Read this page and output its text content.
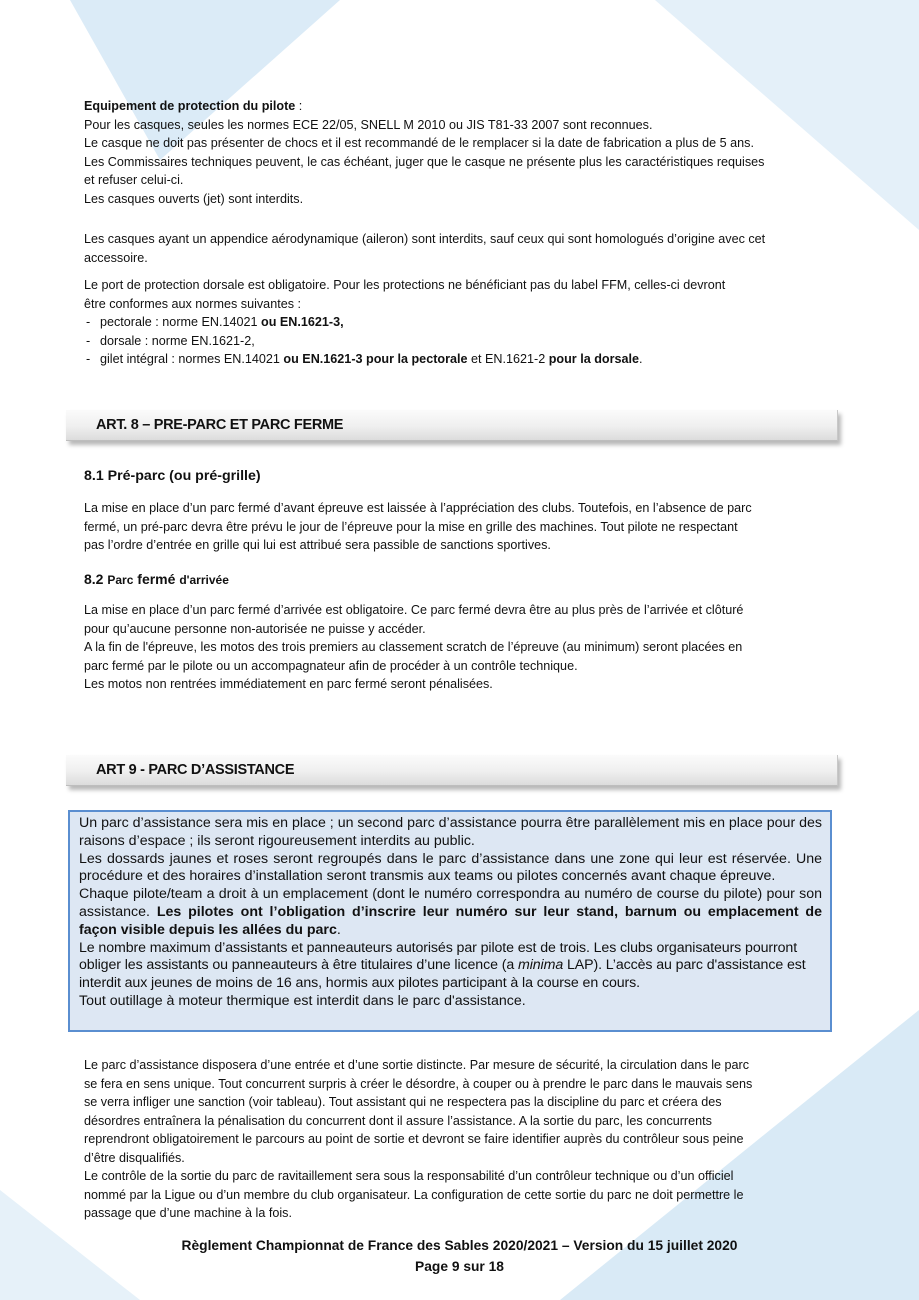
Equipement de protection du pilote :
Pour les casques, seules les normes ECE 22/05, SNELL M 2010 ou JIS T81-33 2007 sont reconnues.
Le casque ne doit pas présenter de chocs et il est recommandé de le remplacer si la date de fabrication a plus de 5 ans.
Les Commissaires techniques peuvent, le cas échéant, juger que le casque ne présente plus les caractéristiques requises
et refuser celui-ci.
Les casques ouverts (jet) sont interdits.
Les casques ayant un appendice aérodynamique (aileron) sont interdits, sauf ceux qui sont homologués d’origine avec cet
accessoire.
Le port de protection dorsale est obligatoire. Pour les protections ne bénéficiant pas du label FFM, celles-ci devront
être conformes aux normes suivantes :
- pectorale : norme EN.14021 ou EN.1621-3,
- dorsale : norme EN.1621-2,
- gilet intégral : normes EN.14021 ou EN.1621-3 pour la pectorale et EN.1621-2 pour la dorsale.
ART. 8 – PRE-PARC ET PARC FERME
8.1 Pré-parc (ou pré-grille)
La mise en place d’un parc fermé d’avant épreuve est laissée à l’appréciation des clubs. Toutefois, en l’absence de parc
fermé, un pré-parc devra être prévu le jour de l’épreuve pour la mise en grille des machines. Tout pilote ne respectant
pas l’ordre d’entrée en grille qui lui est attribué sera passible de sanctions sportives.
8.2 Parc fermé d'arrivée
La mise en place d’un parc fermé d’arrivée est obligatoire. Ce parc fermé devra être au plus près de l’arrivée et clôturé
pour qu’aucune personne non-autorisée ne puisse y accéder.
A la fin de l'épreuve, les motos des trois premiers au classement scratch de l’épreuve (au minimum) seront placées en
parc fermé par le pilote ou un accompagnateur afin de procéder à un contrôle technique.
Les motos non rentrées immédiatement en parc fermé seront pénalisées.
ART 9 - PARC D’ASSISTANCE

Un parc d’assistance sera mis en place ; un second parc d’assistance pourra être parallèlement mis en place pour des raisons d’espace ; ils seront rigoureusement interdits au public.

Les dossards jaunes et roses seront regroupés dans le parc d’assistance dans une zone qui leur est réservée. Une procédure et des horaires d’installation seront transmis aux teams ou pilotes concernés avant chaque épreuve.

Chaque pilote/team a droit à un emplacement (dont le numéro correspondra au numéro de course du pilote) pour son assistance. Les pilotes ont l’obligation d’inscrire leur numéro sur leur stand, barnum ou emplacement de façon visible depuis les allées du parc.

Le nombre maximum d’assistants et panneauteurs autorisés par pilote est de trois. Les clubs organisateurs pourront obliger les assistants ou panneauteurs à être titulaires d’une licence (a minima LAP). L’accès au parc d'assistance est interdit aux jeunes de moins de 16 ans, hormis aux pilotes participant à la course en cours.

Tout outillage à moteur thermique est interdit dans le parc d'assistance.

Le parc d’assistance disposera d’une entrée et d’une sortie distincte. Par mesure de sécurité, la circulation dans le parc
se fera en sens unique. Tout concurrent surpris à créer le désordre, à couper ou à prendre le parc dans le mauvais sens
se verra infliger une sanction (voir tableau). Tout assistant qui ne respectera pas la discipline du parc et créera des
désordres entraînera la pénalisation du concurrent dont il assure l’assistance. A la sortie du parc, les concurrents
reprendront obligatoirement le parcours au point de sortie et devront se faire identifier auprès du contrôleur sous peine
d’être disqualifiés.
Le contrôle de la sortie du parc de ravitaillement sera sous la responsabilité d’un contrôleur technique ou d’un officiel
nommé par la Ligue ou d’un membre du club organisateur. La configuration de cette sortie du parc ne doit permettre le
passage que d’une machine à la fois.
Règlement Championnat de France des Sables 2020/2021 – Version du 15 juillet 2020
Page 9 sur 18
